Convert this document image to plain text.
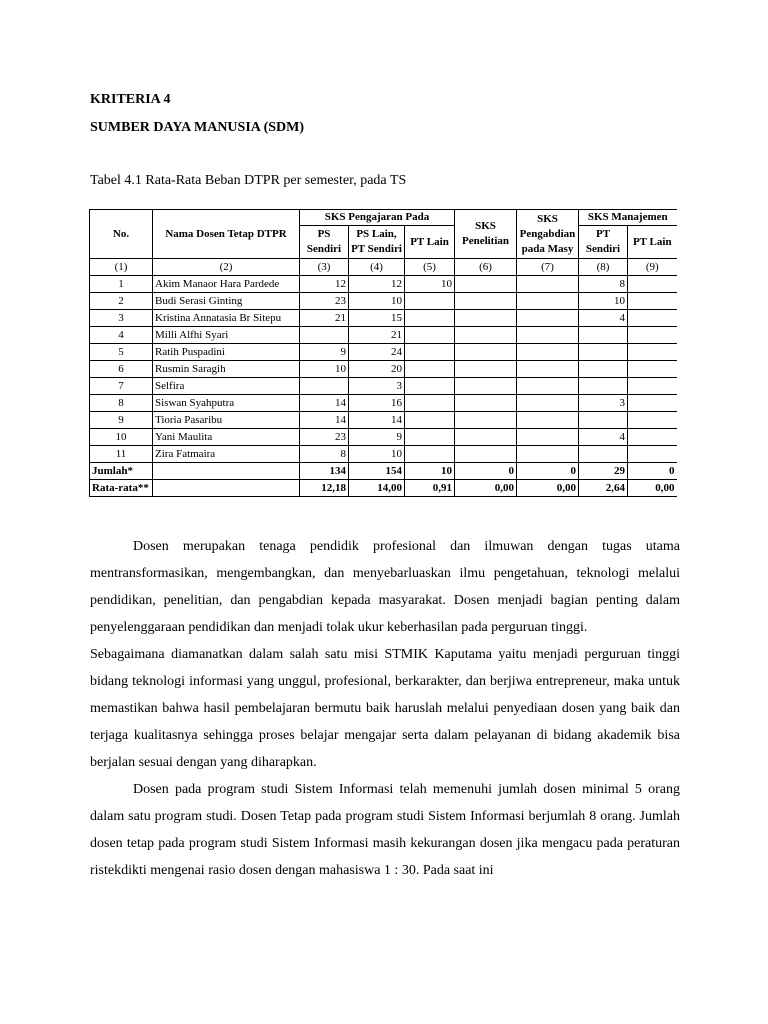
KRITERIA 4
SUMBER DAYA MANUSIA (SDM)
Tabel 4.1 Rata-Rata Beban DTPR per semester, pada TS
No.	Nama Dosen Tetap DTPR	SKS Pengajaran Pada			SKS Penelitian	SKS Pengabdian pada Masy	SKS Manajemen	
		PS Sendiri	PS Lain, PT Sendiri	PT Lain			PT Sendiri	PT Lain
(1)	(2)	(3)	(4)	(5)	(6)	(7)	(8)	(9)
1	Akim Manaor Hara Pardede	12	12	10			8	
2	Budi Serasi Ginting	23	10				10	
3	Kristina Annatasia Br Sitepu	21	15				4	
4	Milli Alfhi Syari		21					
5	Ratih Puspadini	9	24					
6	Rusmin Saragih	10	20					
7	Selfira		3					
8	Siswan Syahputra	14	16				3	
9	Tioria Pasaribu	14	14					
10	Yani Maulita	23	9				4	
11	Zira Fatmaira	8	10					
Jumlah*		134	154	10	0	0	29	0
Rata-rata**		12,18	14,00	0,91	0,00	0,00	2,64	0,00

Dosen merupakan tenaga pendidik profesional dan ilmuwan dengan tugas utama mentransformasikan, mengembangkan, dan menyebarluaskan ilmu pengetahuan, teknologi melalui pendidikan, penelitian, dan pengabdian kepada masyarakat. Dosen menjadi bagian penting dalam penyelenggaraan pendidikan dan menjadi tolak ukur keberhasilan pada perguruan tinggi.

Sebagaimana diamanatkan dalam salah satu misi STMIK Kaputama yaitu menjadi perguruan tinggi bidang teknologi informasi yang unggul, profesional, berkarakter, dan berjiwa entrepreneur, maka untuk memastikan bahwa hasil pembelajaran bermutu baik haruslah melalui penyediaan dosen yang baik dan terjaga kualitasnya sehingga proses belajar mengajar serta dalam pelayanan di bidang akademik bisa berjalan sesuai dengan yang diharapkan.

Dosen pada program studi Sistem Informasi telah memenuhi jumlah dosen minimal 5 orang dalam satu program studi. Dosen Tetap pada program studi Sistem Informasi berjumlah 8 orang. Jumlah dosen tetap pada program studi Sistem Informasi masih kekurangan dosen jika mengacu pada peraturan ristekdikti mengenai rasio dosen dengan mahasiswa 1 : 30. Pada saat ini
